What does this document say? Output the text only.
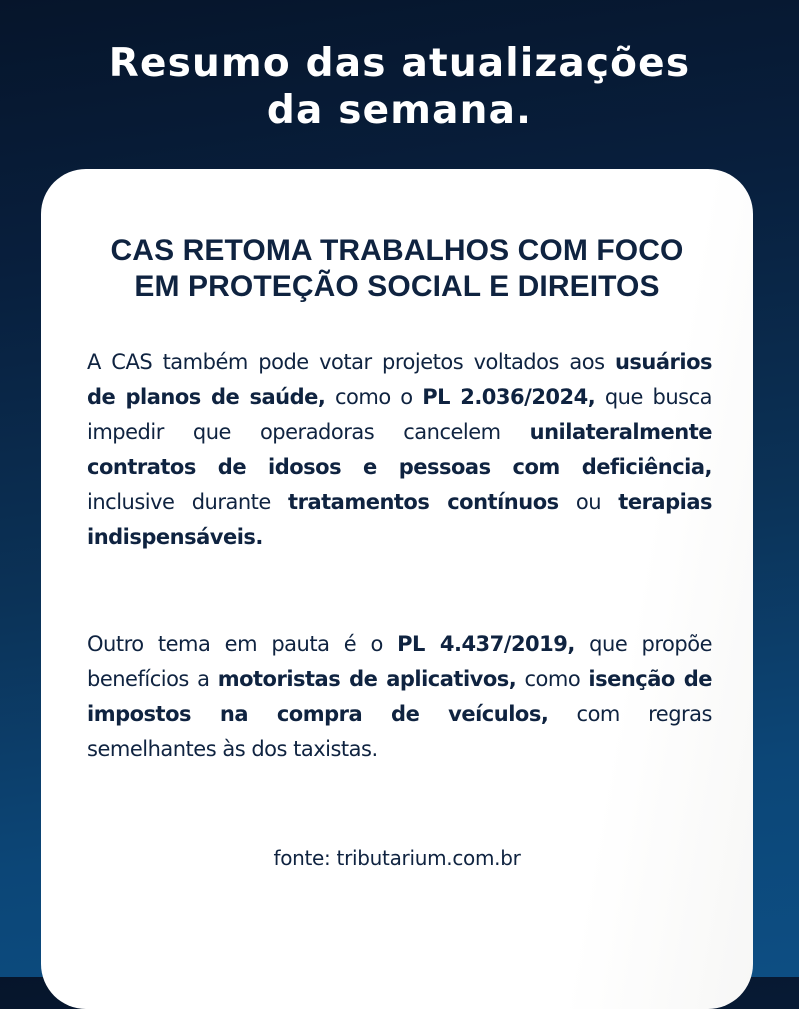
Resumo das atualizações
da semana.
CAS RETOMA TRABALHOS COM FOCO
EM PROTEÇÃO SOCIAL E DIREITOS

A CAS também pode votar projetos voltados aos usuários de planos de saúde, como o PL 2.036/2024, que busca impedir que operadoras cancelem unilateralmente contratos de idosos e pessoas com deficiência, inclusive durante tratamentos contínuos ou terapias indispensáveis.

Outro tema em pauta é o PL 4.437/2019, que propõe benefícios a motoristas de aplicativos, como isenção de impostos na compra de veículos, com regras semelhantes às dos taxistas.

fonte: tributarium.com.br
